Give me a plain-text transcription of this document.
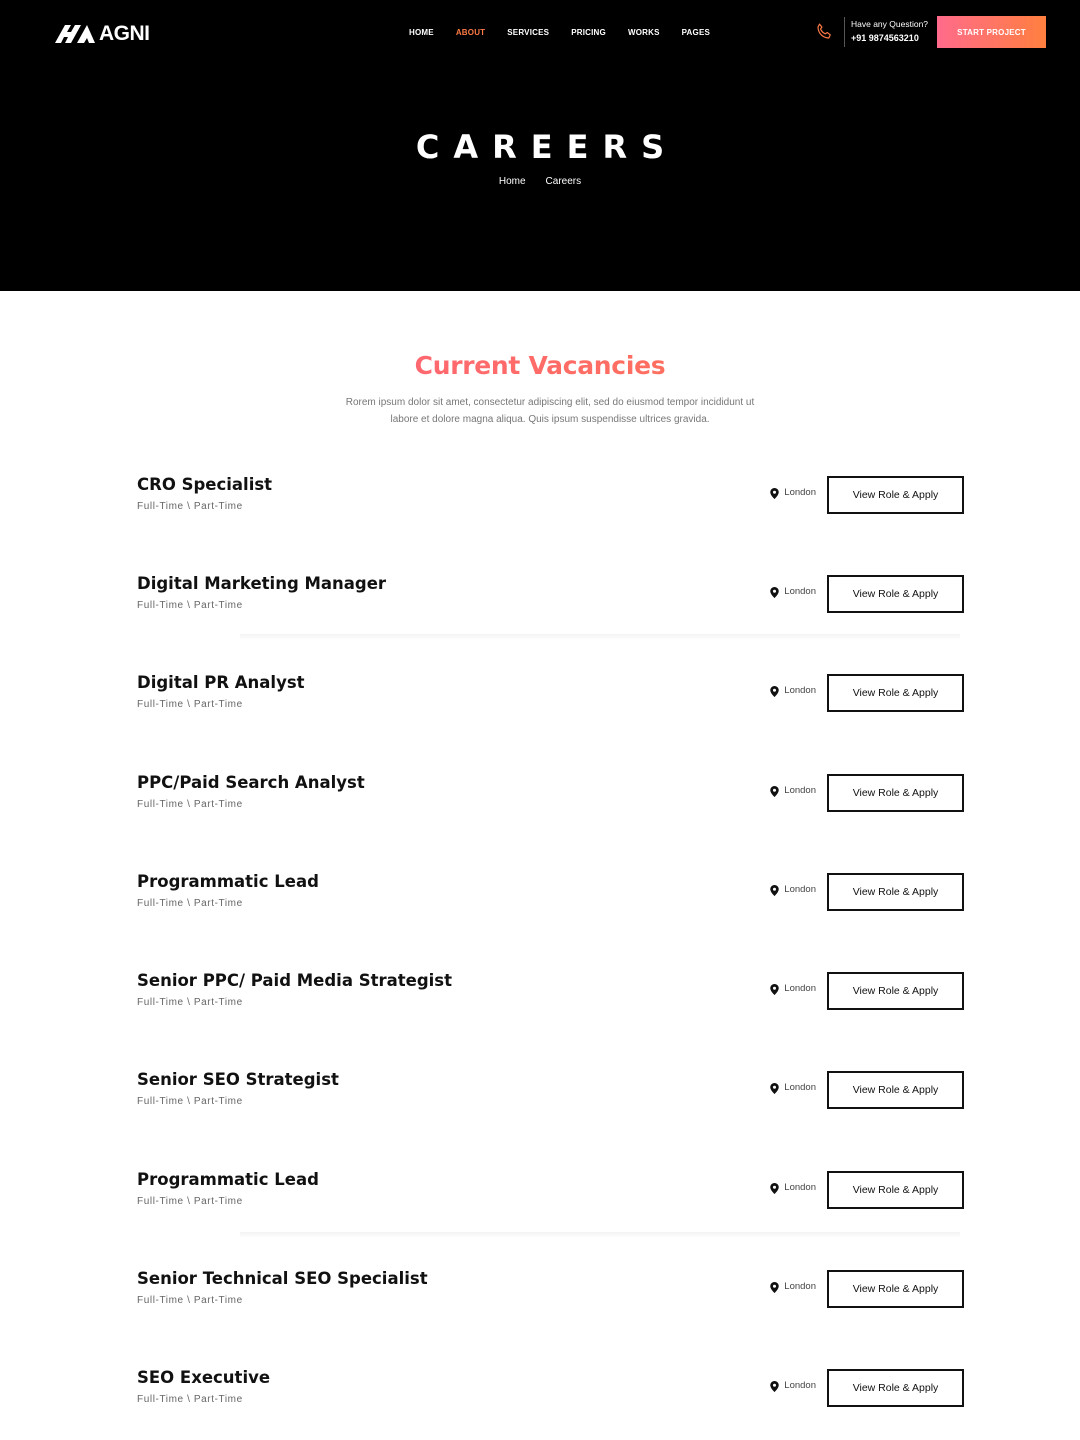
AGNI	HOME	ABOUT	SERVICES	PRICING	WORKS	PAGES
Have any Question?
+91 9874563210
START PROJECT
CAREERS
Home Careers
Current Vacancies

Rorem ipsum dolor sit amet, consectetur adipiscing elit, sed do eiusmod tempor incididunt ut labore et dolore magna aliqua. Quis ipsum suspendisse ultrices gravida.

CRO Specialist
Full-Time \ Part-Time
London	View Role & Apply
Digital Marketing Manager
Full-Time \ Part-Time
London	View Role & Apply
Digital PR Analyst
Full-Time \ Part-Time
London	View Role & Apply
PPC/Paid Search Analyst
Full-Time \ Part-Time
London	View Role & Apply
Programmatic Lead
Full-Time \ Part-Time
London	View Role & Apply
Senior PPC/ Paid Media Strategist
Full-Time \ Part-Time
London	View Role & Apply
Senior SEO Strategist
Full-Time \ Part-Time
London	View Role & Apply
Programmatic Lead
Full-Time \ Part-Time
London	View Role & Apply
Senior Technical SEO Specialist
Full-Time \ Part-Time
London	View Role & Apply
SEO Executive
Full-Time \ Part-Time
London	View Role & Apply
